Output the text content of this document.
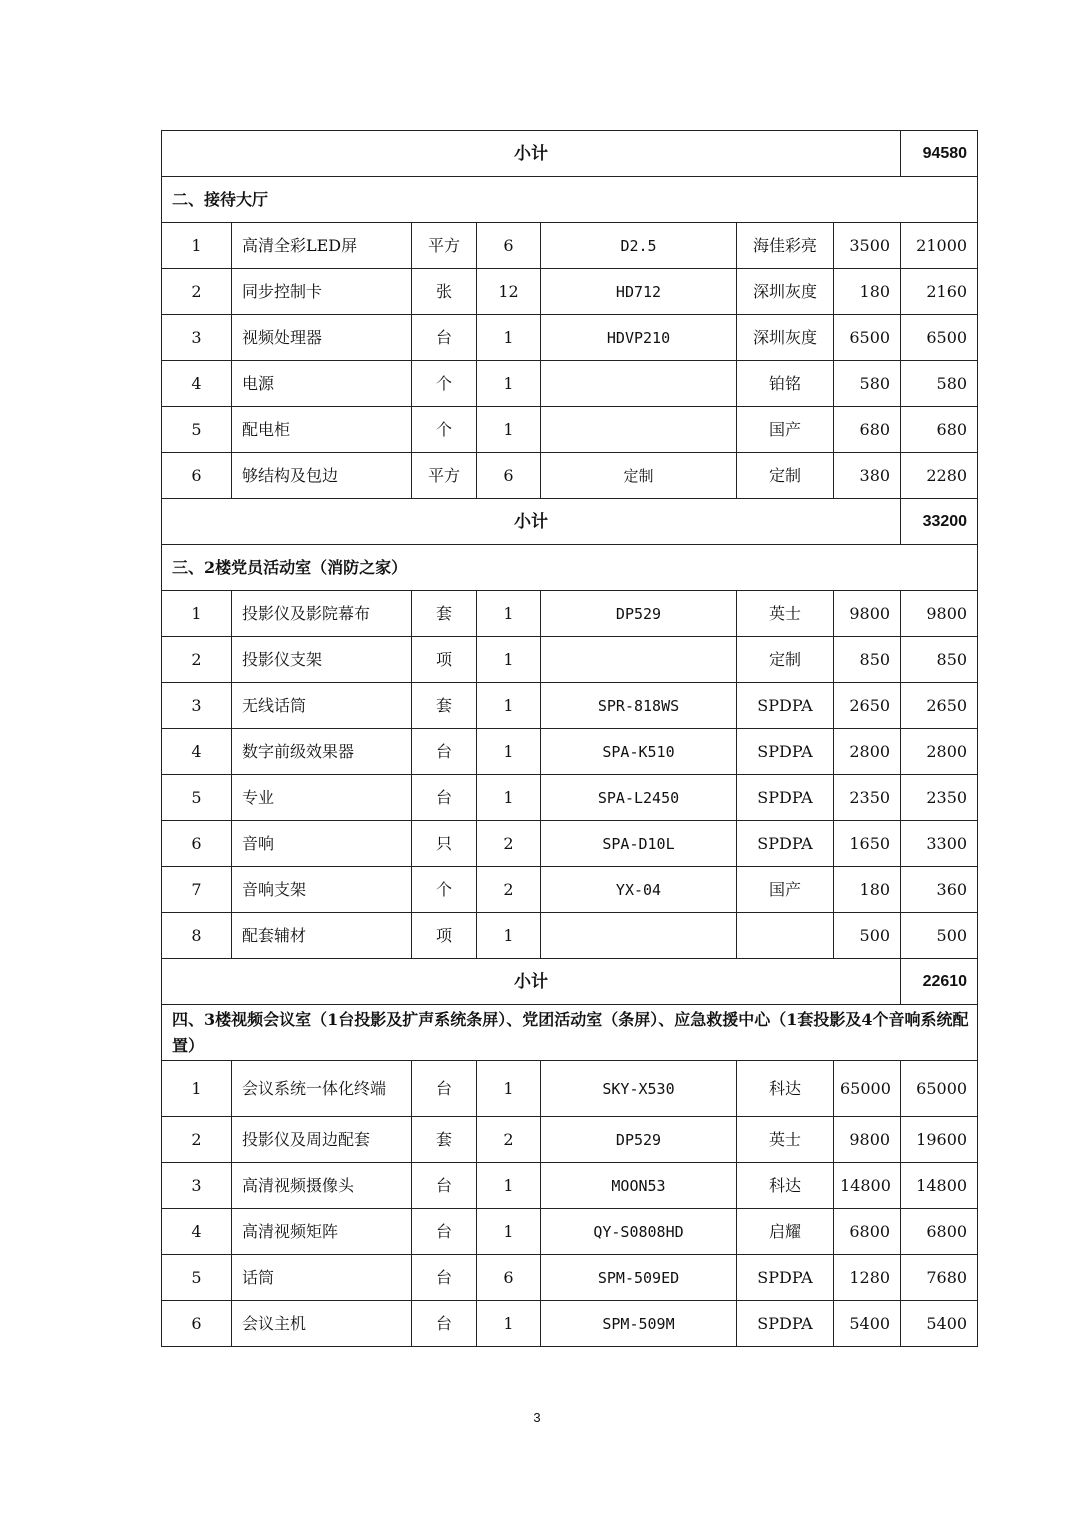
小计							94580
二、接待大厅							
1	高清全彩LED屏	平方	6	D2.5	海佳彩亮	3500	21000
2	同步控制卡	张	12	HD712	深圳灰度	180	2160
3	视频处理器	台	1	HDVP210	深圳灰度	6500	6500
4	电源	个	1		铂铭	580	580
5	配电柜	个	1		国产	680	680
6	够结构及包边	平方	6	定制	定制	380	2280
小计							33200
三、2楼党员活动室（消防之家）							
1	投影仪及影院幕布	套	1	DP529	英士	9800	9800
2	投影仪支架	项	1		定制	850	850
3	无线话筒	套	1	SPR-818WS	SPDPA	2650	2650
4	数字前级效果器	台	1	SPA-K510	SPDPA	2800	2800
5	专业	台	1	SPA-L2450	SPDPA	2350	2350
6	音响	只	2	SPA-D10L	SPDPA	1650	3300
7	音响支架	个	2	YX-04	国产	180	360
8	配套辅材	项	1			500	500
小计							22610
四、3楼视频会议室（1台投影及扩声系统条屏）、党团活动室（条屏）、应急救援中心（1套投影及4个音响系统配置）							
1	会议系统一体化终端	台	1	SKY-X530	科达	65000	65000
2	投影仪及周边配套	套	2	DP529	英士	9800	19600
3	高清视频摄像头	台	1	MOON53	科达	14800	14800
4	高清视频矩阵	台	1	QY-S0808HD	启耀	6800	6800
5	话筒	台	6	SPM-509ED	SPDPA	1280	7680
6	会议主机	台	1	SPM-509M	SPDPA	5400	5400
3
